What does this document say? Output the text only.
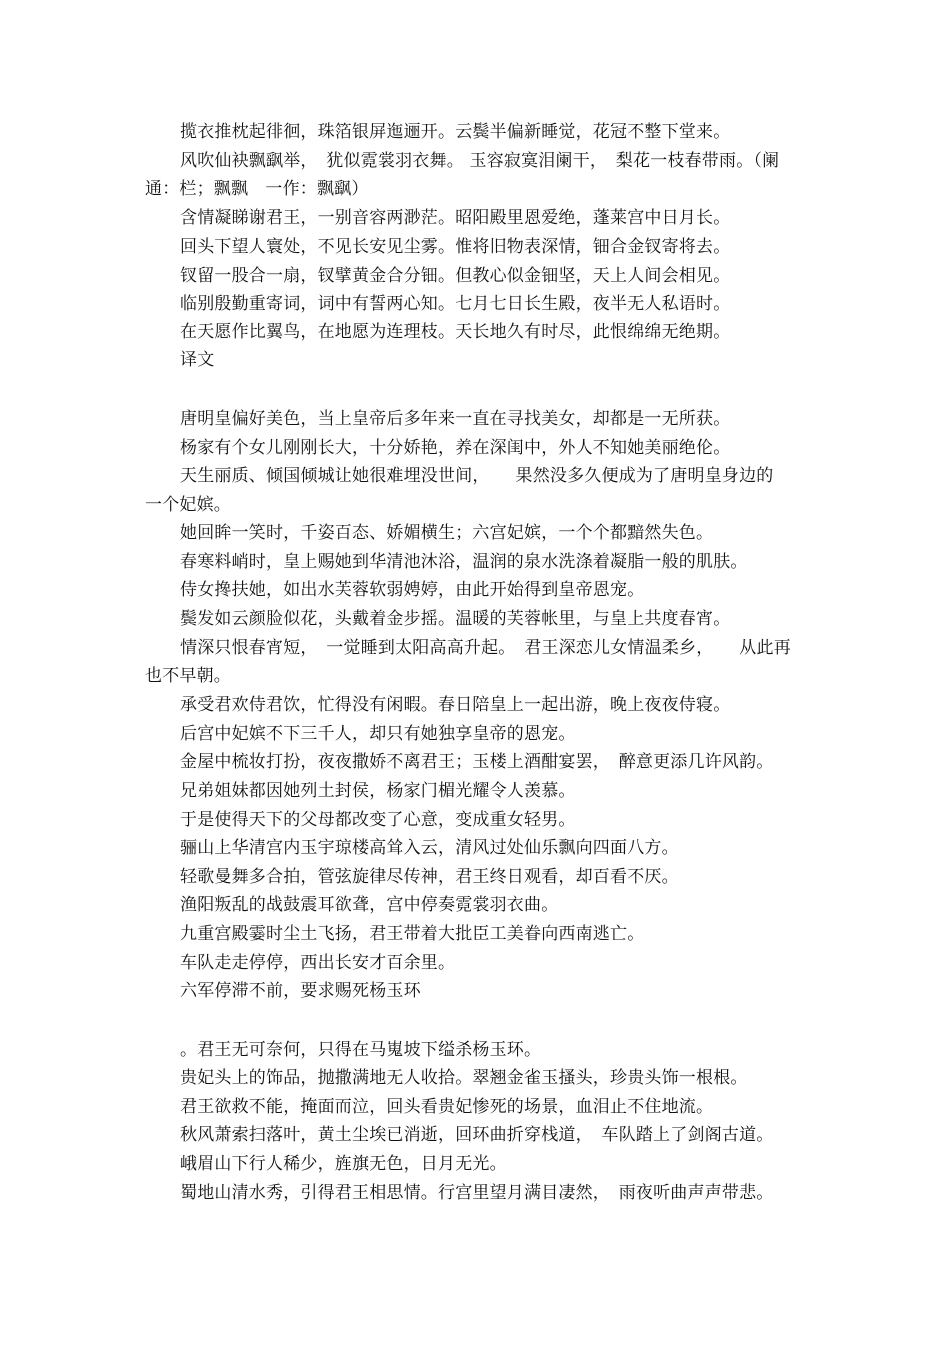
揽衣推枕起徘徊，珠箔银屏迤逦开。云鬓半偏新睡觉，花冠不整下堂来。
风吹仙袂飘飖举，　犹似霓裳羽衣舞。 玉容寂寞泪阑干，　梨花一枝春带雨。（阑
通：栏；飘飘　一作：飘飖）
含情凝睇谢君王，一别音容两渺茫。昭阳殿里恩爱绝，蓬莱宫中日月长。
回头下望人寰处，不见长安见尘雾。惟将旧物表深情，钿合金钗寄将去。
钗留一股合一扇，钗擘黄金合分钿。但教心似金钿坚，天上人间会相见。
临别殷勤重寄词，词中有誓两心知。七月七日长生殿，夜半无人私语时。
在天愿作比翼鸟，在地愿为连理枝。天长地久有时尽，此恨绵绵无绝期。
译文
唐明皇偏好美色，当上皇帝后多年来一直在寻找美女，却都是一无所获。
杨家有个女儿刚刚长大，十分娇艳，养在深闺中，外人不知她美丽绝伦。
天生丽质、倾国倾城让她很难埋没世间，　　果然没多久便成为了唐明皇身边的
一个妃嫔。
她回眸一笑时，千姿百态、娇媚横生；六宫妃嫔，一个个都黯然失色。
春寒料峭时，皇上赐她到华清池沐浴，温润的泉水洗涤着凝脂一般的肌肤。
侍女搀扶她，如出水芙蓉软弱娉婷，由此开始得到皇帝恩宠。
鬓发如云颜脸似花，头戴着金步摇。温暖的芙蓉帐里，与皇上共度春宵。
情深只恨春宵短，　一觉睡到太阳高高升起。　君王深恋儿女情温柔乡，　　从此再
也不早朝。
承受君欢侍君饮，忙得没有闲暇。春日陪皇上一起出游，晚上夜夜侍寝。
后宫中妃嫔不下三千人，却只有她独享皇帝的恩宠。
金屋中梳妆打扮，夜夜撒娇不离君王；玉楼上酒酣宴罢，　醉意更添几许风韵。
兄弟姐妹都因她列土封侯，杨家门楣光耀令人羡慕。
于是使得天下的父母都改变了心意，变成重女轻男。
骊山上华清宫内玉宇琼楼高耸入云，清风过处仙乐飘向四面八方。
轻歌曼舞多合拍，管弦旋律尽传神，君王终日观看，却百看不厌。
渔阳叛乱的战鼓震耳欲聋，宫中停奏霓裳羽衣曲。
九重宫殿霎时尘土飞扬，君王带着大批臣工美眷向西南逃亡。
车队走走停停，西出长安才百余里。
六军停滞不前，要求赐死杨玉环
。君王无可奈何，只得在马嵬坡下缢杀杨玉环。
贵妃头上的饰品，抛撒满地无人收拾。翠翘金雀玉搔头，珍贵头饰一根根。
君王欲救不能，掩面而泣，回头看贵妃惨死的场景，血泪止不住地流。
秋风萧索扫落叶，黄土尘埃已消逝，回环曲折穿栈道，　车队踏上了剑阁古道。
峨眉山下行人稀少，旌旗无色，日月无光。
蜀地山清水秀，引得君王相思情。行宫里望月满目凄然，　雨夜听曲声声带悲。
